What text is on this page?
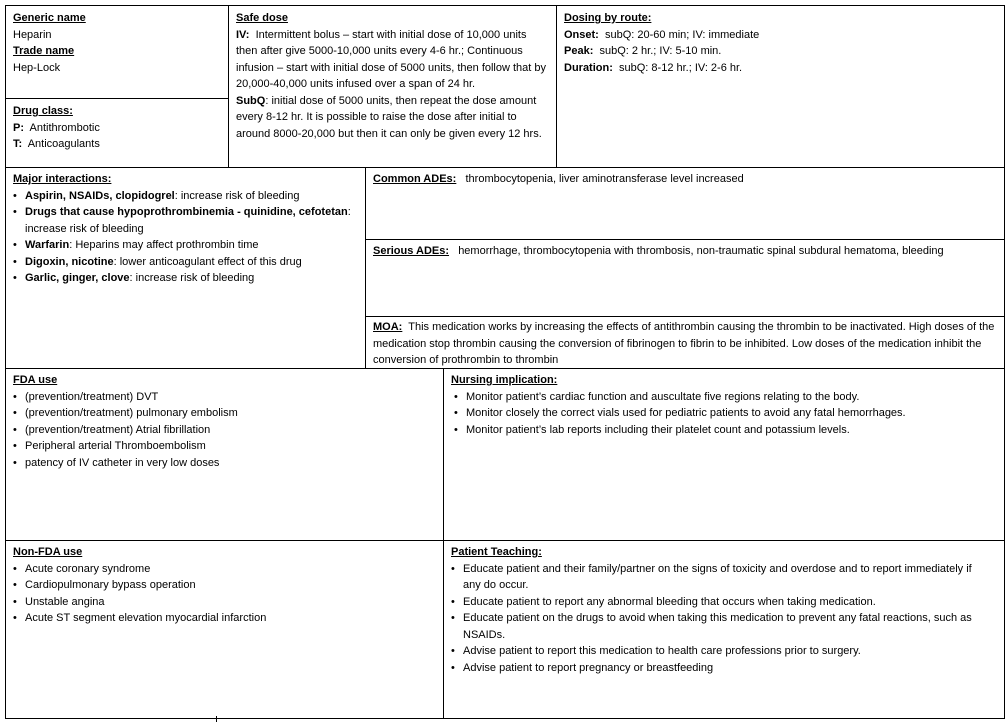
Generic name

Heparin

Trade name

Hep-Lock

Drug class:

P: Antithrombotic

T: Anticoagulants

Safe dose

IV: Intermittent bolus – start with initial dose of 10,000 units then after give 5000-10,000 units every 4-6 hr.; Continuous infusion – start with initial dose of 5000 units, then follow that by 20,000-40,000 units infused over a span of 24 hr.

SubQ: initial dose of 5000 units, then repeat the dose amount every 8-12 hr. It is possible to raise the dose after initial to around 8000-20,000 but then it can only be given every 12 hrs.

Dosing by route:

Onset: subQ: 20-60 min; IV: immediate

Peak: subQ: 2 hr.; IV: 5-10 min.

Duration: subQ: 8-12 hr.; IV: 2-6 hr.

Major interactions:

• Aspirin, NSAIDs, clopidogrel: increase risk of bleeding
• Drugs that cause hypoprothrombinemia - quinidine, cefotetan: increase risk of bleeding
• Warfarin: Heparins may affect prothrombin time
• Digoxin, nicotine: lower anticoagulant effect of this drug
• Garlic, ginger, clove: increase risk of bleeding

Common ADEs: thrombocytopenia, liver aminotransferase level increased

Serious ADEs: hemorrhage, thrombocytopenia with thrombosis, non-traumatic spinal subdural hematoma, bleeding

MOA: This medication works by increasing the effects of antithrombin causing the thrombin to be inactivated. High doses of the medication stop thrombin causing the conversion of fibrinogen to fibrin to be inhibited. Low doses of the medication inhibit the conversion of prothrombin to thrombin

FDA use

• (prevention/treatment) DVT
• (prevention/treatment) pulmonary embolism
• (prevention/treatment) Atrial fibrillation
• Peripheral arterial Thromboembolism
• patency of IV catheter in very low doses

Nursing implication:

• Monitor patient’s cardiac function and auscultate five regions relating to the body.
• Monitor closely the correct vials used for pediatric patients to avoid any fatal hemorrhages.
• Monitor patient’s lab reports including their platelet count and potassium levels.

Non-FDA use

• Acute coronary syndrome
• Cardiopulmonary bypass operation
• Unstable angina
• Acute ST segment elevation myocardial infarction

Patient Teaching:

• Educate patient and their family/partner on the signs of toxicity and overdose and to report immediately if any do occur.
• Educate patient to report any abnormal bleeding that occurs when taking medication.
• Educate patient on the drugs to avoid when taking this medication to prevent any fatal reactions, such as NSAIDs.
• Advise patient to report this medication to health care professions prior to surgery.
• Advise patient to report pregnancy or breastfeeding
